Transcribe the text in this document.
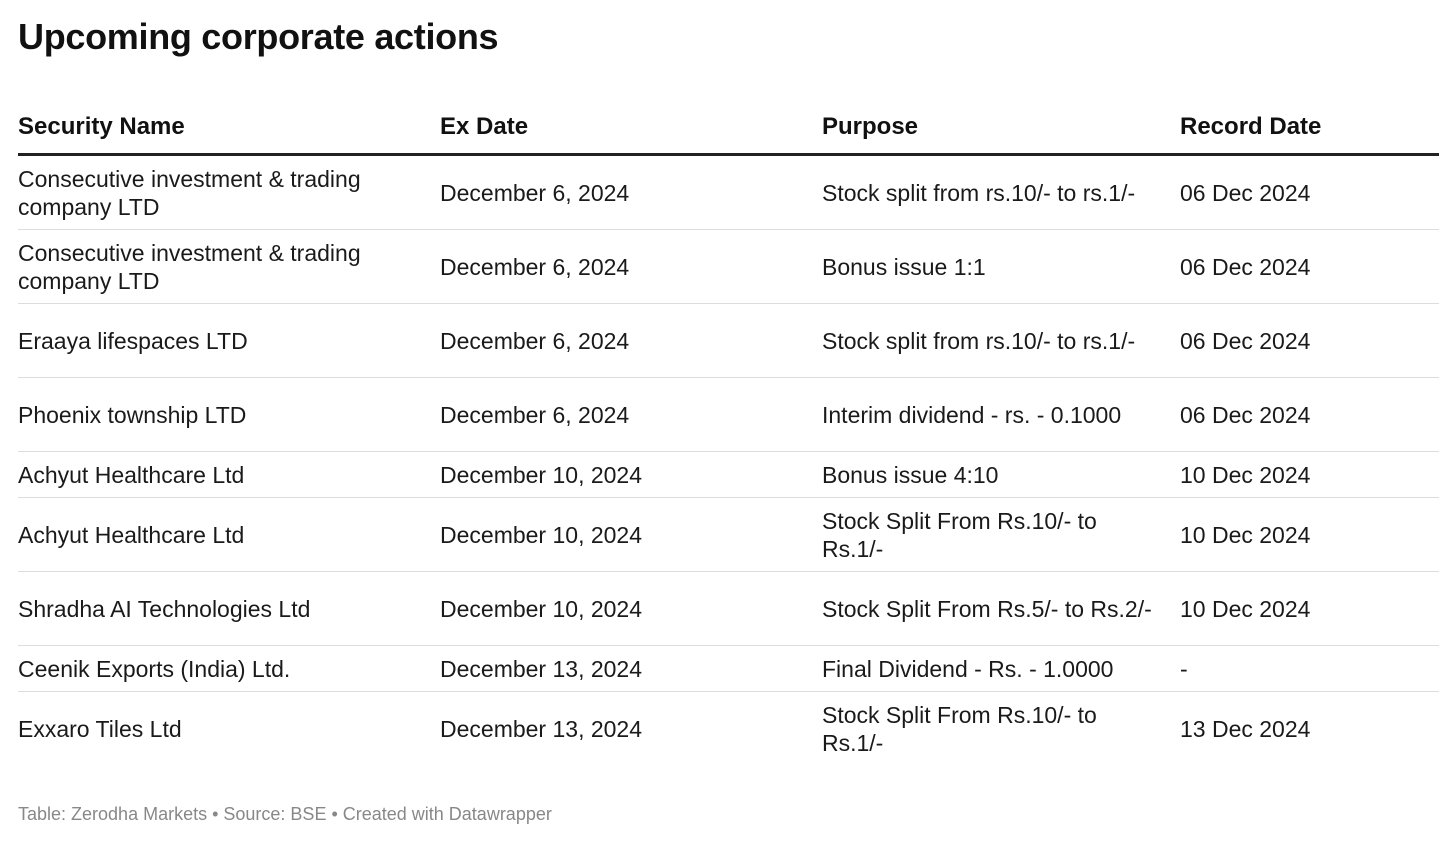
Upcoming corporate actions
Security Name	Ex Date	Purpose	Record Date

Consecutive investment & trading company LTD	December 6, 2024	Stock split from rs.10/- to rs.1/-	06 Dec 2024

Consecutive investment & trading company LTD	December 6, 2024	Bonus issue 1:1	06 Dec 2024

Eraaya lifespaces LTD	December 6, 2024	Stock split from rs.10/- to rs.1/-	06 Dec 2024

Phoenix township LTD	December 6, 2024	Interim dividend - rs. - 0.1000	06 Dec 2024

Achyut Healthcare Ltd	December 10, 2024	Bonus issue 4:10	10 Dec 2024

Achyut Healthcare Ltd	December 10, 2024	Stock Split From Rs.10/- to Rs.1/-	10 Dec 2024

Shradha AI Technologies Ltd	December 10, 2024	Stock Split From Rs.5/- to Rs.2/-	10 Dec 2024

Ceenik Exports (India) Ltd.	December 13, 2024	Final Dividend - Rs. - 1.0000	-

Exxaro Tiles Ltd	December 13, 2024	Stock Split From Rs.10/- to Rs.1/-	13 Dec 2024
Table: Zerodha Markets • Source: BSE • Created with Datawrapper
